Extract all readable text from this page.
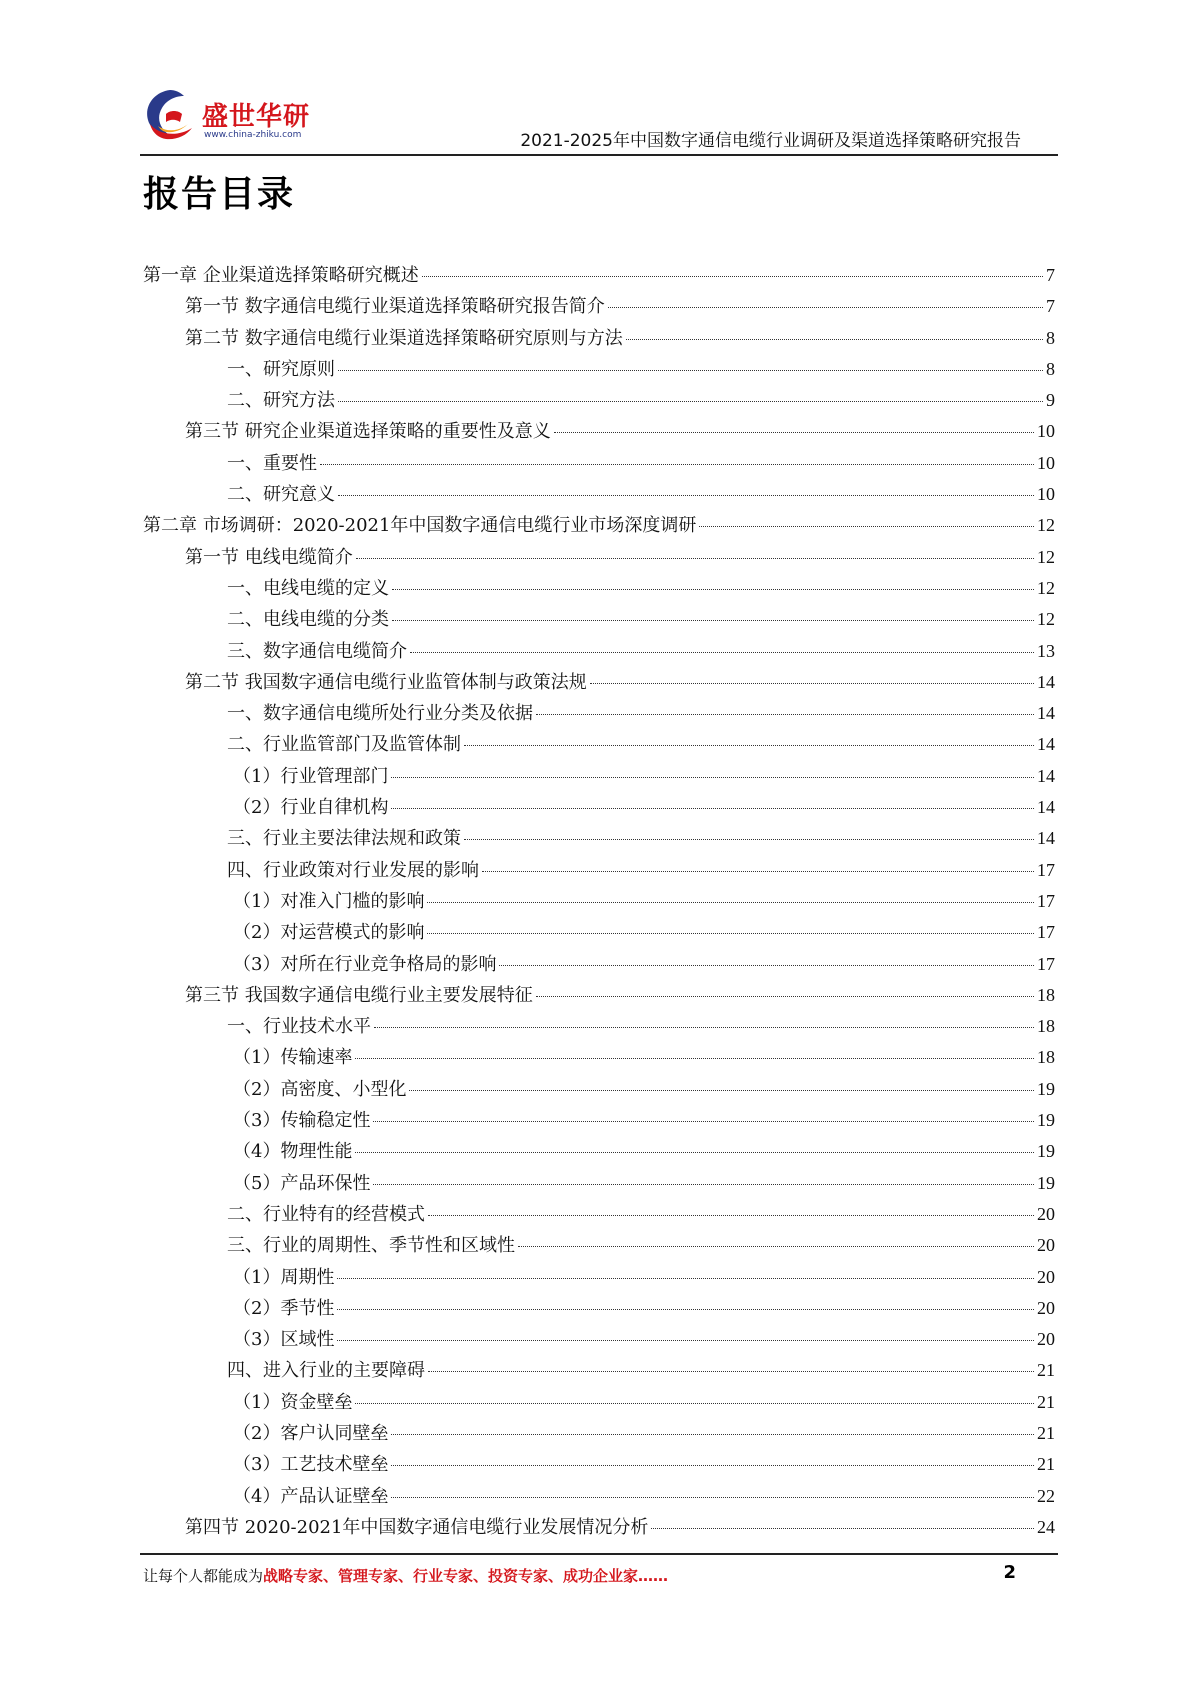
盛世华研
www.china-zhiku.com	2021-2025年中国数字通信电缆行业调研及渠道选择策略研究报告
报告目录
第一章 企业渠道选择策略研究概述	7
第一节 数字通信电缆行业渠道选择策略研究报告简介	7
第二节 数字通信电缆行业渠道选择策略研究原则与方法	8
一、研究原则	8
二、研究方法	9
第三节 研究企业渠道选择策略的重要性及意义	10
一、重要性	10
二、研究意义	10
第二章 市场调研：2020-2021年中国数字通信电缆行业市场深度调研	12
第一节 电线电缆简介	12
一、电线电缆的定义	12
二、电线电缆的分类	12
三、数字通信电缆简介	13
第二节 我国数字通信电缆行业监管体制与政策法规	14
一、数字通信电缆所处行业分类及依据	14
二、行业监管部门及监管体制	14
（1）行业管理部门	14
（2）行业自律机构	14
三、行业主要法律法规和政策	14
四、行业政策对行业发展的影响	17
（1）对准入门槛的影响	17
（2）对运营模式的影响	17
（3）对所在行业竞争格局的影响	17
第三节 我国数字通信电缆行业主要发展特征	18
一、行业技术水平	18
（1）传输速率	18
（2）高密度、小型化	19
（3）传输稳定性	19
（4）物理性能	19
（5）产品环保性	19
二、行业特有的经营模式	20
三、行业的周期性、季节性和区域性	20
（1）周期性	20
（2）季节性	20
（3）区域性	20
四、进入行业的主要障碍	21
（1）资金壁垒	21
（2）客户认同壁垒	21
（3）工艺技术壁垒	21
（4）产品认证壁垒	22
第四节 2020-2021年中国数字通信电缆行业发展情况分析	24
让每个人都能成为战略专家、管理专家、行业专家、投资专家、成功企业家……	2
